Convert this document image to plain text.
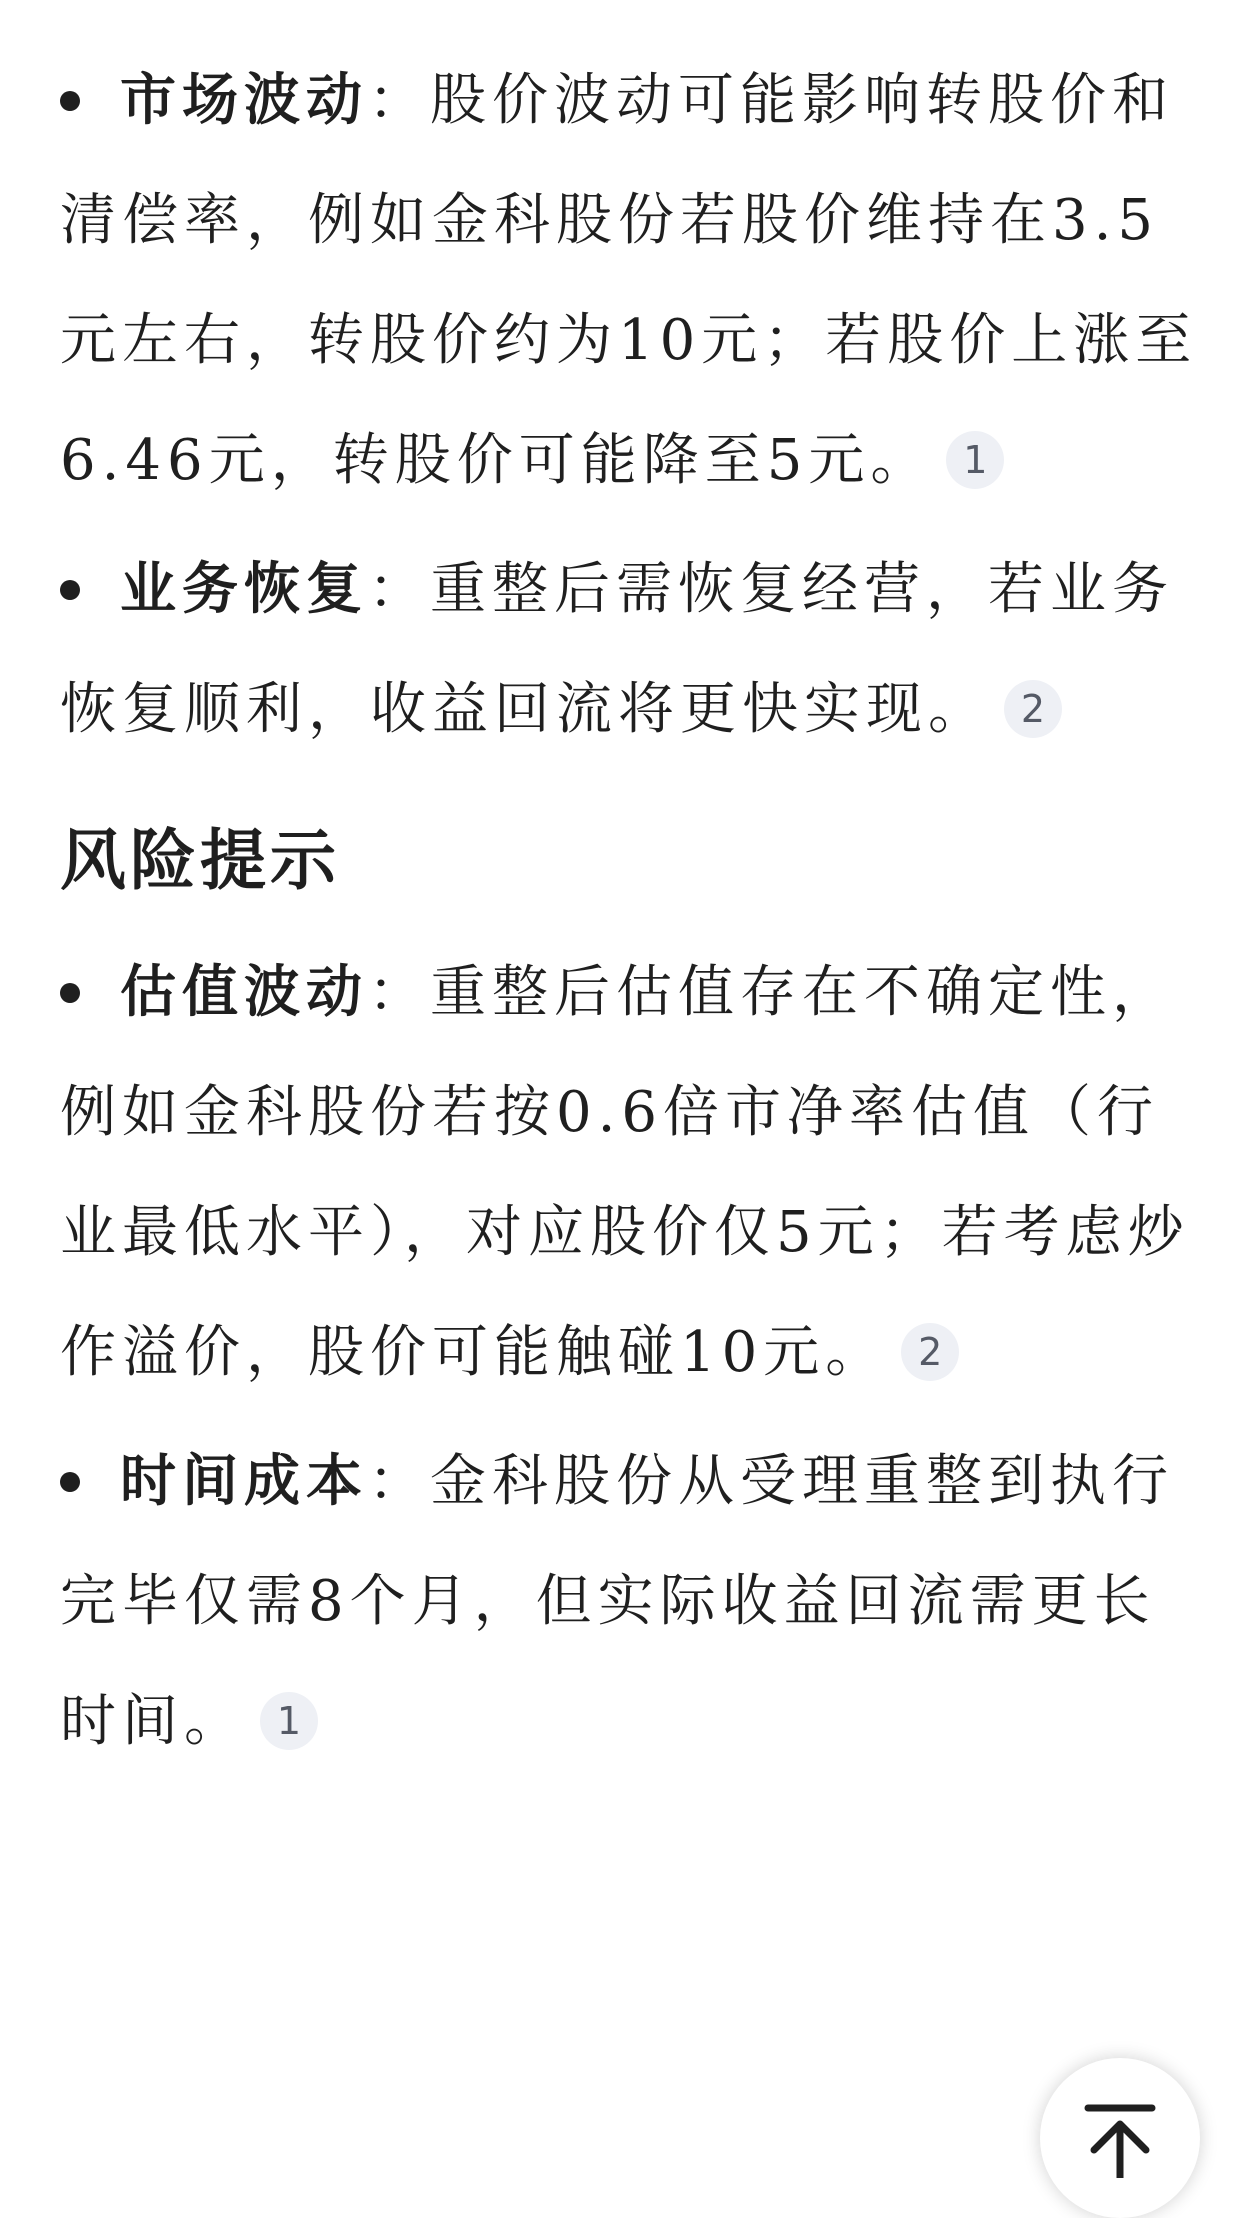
市场波动：股价波动可能影响转股价和清偿率，例如金科股份若股价维持在3.5元左右，转股价约为10元；若股价上涨至6.46元，转股价可能降至5元。 1
业务恢复：重整后需恢复经营，若业务恢复顺利，收益回流将更快实现。 2
风险提示
估值波动：重整后估值存在不确定性，例如金科股份若按0.6倍市净率估值（行业最低水平），对应股价仅5元；若考虑炒作溢价，股价可能触碰10元。 2
时间成本：金科股份从受理重整到执行完毕仅需8个月，但实际收益回流需更长时间。 1
